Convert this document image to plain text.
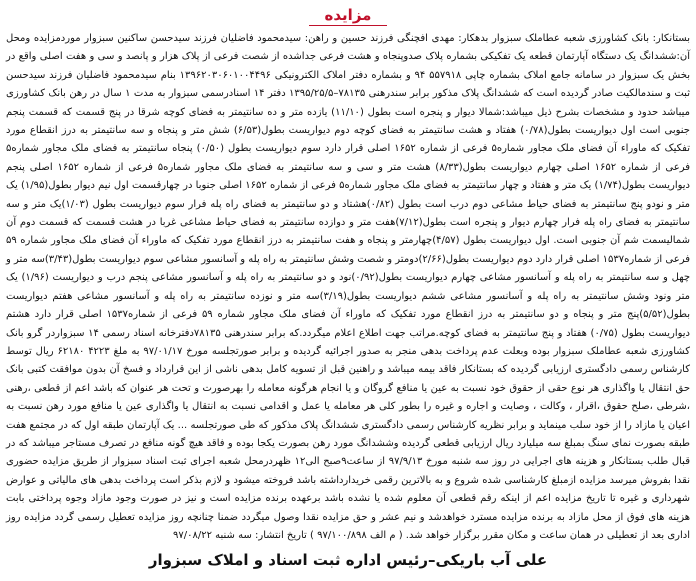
مزایده

بستانکار: بانک کشاورزی شعبه عطاملک سبزوار بدهکار: مهدی افچنگی فرزند حسین و راهن: سیدمحمود فاضلیان فرزند سیدحسن ساکنین سبزوار موردمزایده ومحل آن:ششدانگ یک دستگاه آپارتمان قطعه یک تفکیکی بشماره پلاک صدوپنجاه و هشت فرعی جداشده از شصت فرعی از پلاک هزار و پانصد و سی و هفت اصلی واقع در بخش یک سبزوار در سامانه جامع املاک بشماره چاپی ۵۵۷۹۱۸ ۹۴ و بشماره دفتر املاک الکترونیکی ۱۳۹۶۲۰۳۰۶۰۱۰۰۴۴۹۶ بنام سیدمحمود فاضلیان فرزند سیدحسن ثبت و سندمالکیت صادر گردیده است که ششدانگ پلاک مذکور برابر سندرهنی ۷۸۱۳۵–۱۳۹۵/۲۵/۵ دفتر ۱۴ اسنادرسمی سبزوار به مدت ۱ سال در رهن بانک کشاورزی میباشد حدود و مشخصات بشرح ذیل میباشد:شمالا دیوار و پنجره است بطول (۱۱/۱۰) یازده متر و ده سانتیمتر به فضای کوچه شرقا در پنج قسمت که قسمت پنجم جنوبی است اول دیواریست بطول(۰/۷۸) هفتاد و هشت سانتیمتر به فضای کوچه دوم دیواریست بطول(۶/۵۳) شش متر و پنجاه و سه سانتیمتر به درز انقطاع مورد تفکیک که ماوراء آن فضای ملک مجاور شماره۵ فرعی از شماره ۱۶۵۲ اصلی قرار دارد سوم دیواریست بطول (۰/۵۰) پنجاه سانتیمتر به فضای ملک مجاور شماره۵ فرعی از شماره ۱۶۵۲ اصلی چهارم دیواریست بطول(۸/۳۳) هشت متر و سی و سه سانتیمتر به فضای ملک مجاور شماره۵ فرعی از شماره ۱۶۵۲ اصلی پنجم دیواریست بطول(۱/۷۴) یک متر و هفتاد و چهار سانتیمتر به فضای ملک مجاور شماره۵ فرعی از شماره ۱۶۵۲ اصلی جنوبا در چهارقسمت اول نیم دیوار بطول(۱/۹۵) یک متر و نودو پنج سانتیمتر به فضای حیاط مشاعی دوم درب است بطول (۰/۸۲)هشتاد و دو سانتیمتر به فضای راه پله فرار سوم دیواریست بطول (۱/۰۳)یک متر و سه سانتیمتر به فضای راه پله فرار چهارم دیوار و پنجره است بطول(۷/۱۲)هفت متر و دوازده سانتیمتر به فضای حیاط مشاعی غربا در هشت قسمت که قسمت دوم آن شمالیسمت شم آن جنوبی است. اول دیواریست بطول (۴/۵۷)چهارمتر و پنجاه و هفت سانتیمتر به درز انقطاع مورد تفکیک که ماوراء آن فضای ملک مجاور شماره ۵۹ فرعی از شماره۱۵۳۷ اصلی قرار دارد دوم دیواریست بطول(۲/۶۶)دومتر و شصت وشش سانتیمتر به راه پله و آسانسور مشاعی سوم دیواریست بطول(۳/۴۳)سه متر و چهل و سه سانتیمتر به راه پله و آسانسور مشاعی چهارم دیواریست بطول(۰/۹۲)نود و دو سانتیمتر به راه پله و آسانسور مشاعی پنجم درب و دیواریست (۱/۹۶) یک متر ونود وشش سانتیمتر به راه پله و آسانسور مشاعی ششم دیواریست بطول(۳/۱۹)سه متر و نوزده سانتیمتر به راه پله و آسانسور مشاعی هفتم دیواریست بطول(۵/۵۲)پنج متر و پنجاه و دو سانتیمتر به درز انقطاع مورد تفکیک که ماوراء آن فضای ملک مجاور شماره ۵۹ فرعی از شماره۱۵۳۷ اصلی قرار دارد هشتم دیواریست بطول (۰/۷۵) هفتاد و پنج سانتیمتر به فضای کوچه.مراتب جهت اطلاع اعلام میگردد.که برابر سندرهنی ۷۸۱۳۵دفترخانه اسناد رسمی ۱۴ سبزواردر گرو بانک کشاورزی شعبه عطاملک سبزوار بوده وبعلت عدم پرداخت بدهی منجر به صدور اجرائیه گردیده و برابر صورتجلسه مورخ ۹۷/۰۱/۱۷ به ملغ ۴۲۲۳ ۶۲۱۸۰ ریال توسط کارشناس رسمی دادگستری ارزیابی گردیده که بستانکار فاقد بیمه میباشد و راهنین قبل از تسویه کامل بدهی ناشی از این قرارداد و فسخ آن بدون موافقت کتبی بانک حق انتقال یا واگذاری هر نوع حقی از حقوق خود نسبت به عین یا منافع گروگان و یا انجام هرگونه معامله را بهرصورت و تحت هر عنوان که باشد اعم از قطعی ،رهنی ،شرطی ،صلح حقوق ،اقرار ، وکالت ، وصایت و اجاره و غیره را بطور کلی هر معامله یا عمل و اقدامی نسبت به انتقال یا واگذاری عین یا منافع مورد رهن نسبت به اعیان یا مازاد را از خود سلب مینماید و برابر نظریه کارشناس رسمی دادگستری ششدانگ پلاک مذکور که طی صورتجلسه ... یک آپارتمان طبقه اول که در مجتمع هفت طبقه بصورت نمای سنگ بمبلغ سه میلیارد ریال ارزیابی قطعی گردیده وششدانگ مورد رهن بصورت یکجا بوده و فاقد هیچ گونه منافع در تصرف مستاجر میباشد که در قبال طلب بستانکار و هزینه های اجرایی در روز سه شنبه مورخ ۹۷/۹/۱۳ از ساعت۹صبح الی۱۲ ظهردرمحل شعبه اجرای ثبت اسناد سبزوار از طریق مزایده حضوری نقدا بفروش میرسد مزایده ازمبلغ کارشناسی شده شروع و به بالاترین رقمی خریدارداشته باشد فروخته میشود و لازم بذکر است پرداخت بدهی های مالیاتی و عوارض شهرداری و غیره تا تاریخ مزایده اعم از اینکه رقم قطعی آن معلوم شده یا نشده باشد برعهده برنده مزایده است و نیز در صورت وجود مازاد وجوه پرداختی بابت هزینه های فوق از محل مازاد به برنده مزایده مسترد خواهدشد و نیم عشر و حق مزایده نقدا وصول میگردد ضمنا چنانچه روز مزایده تعطیل رسمی گردد مزایده روز اداری بعد از تعطیلی در همان ساعت و مکان مقرر برگزار خواهد شد. ( م الف ۹۷/۱۰۰/۸۹۸ ) تاریخ انتشار: سه شنبه ۹۷/۰۸/۲۲

علی آب باریکی–رئیس اداره ثبت اسناد و املاک سبزوار
